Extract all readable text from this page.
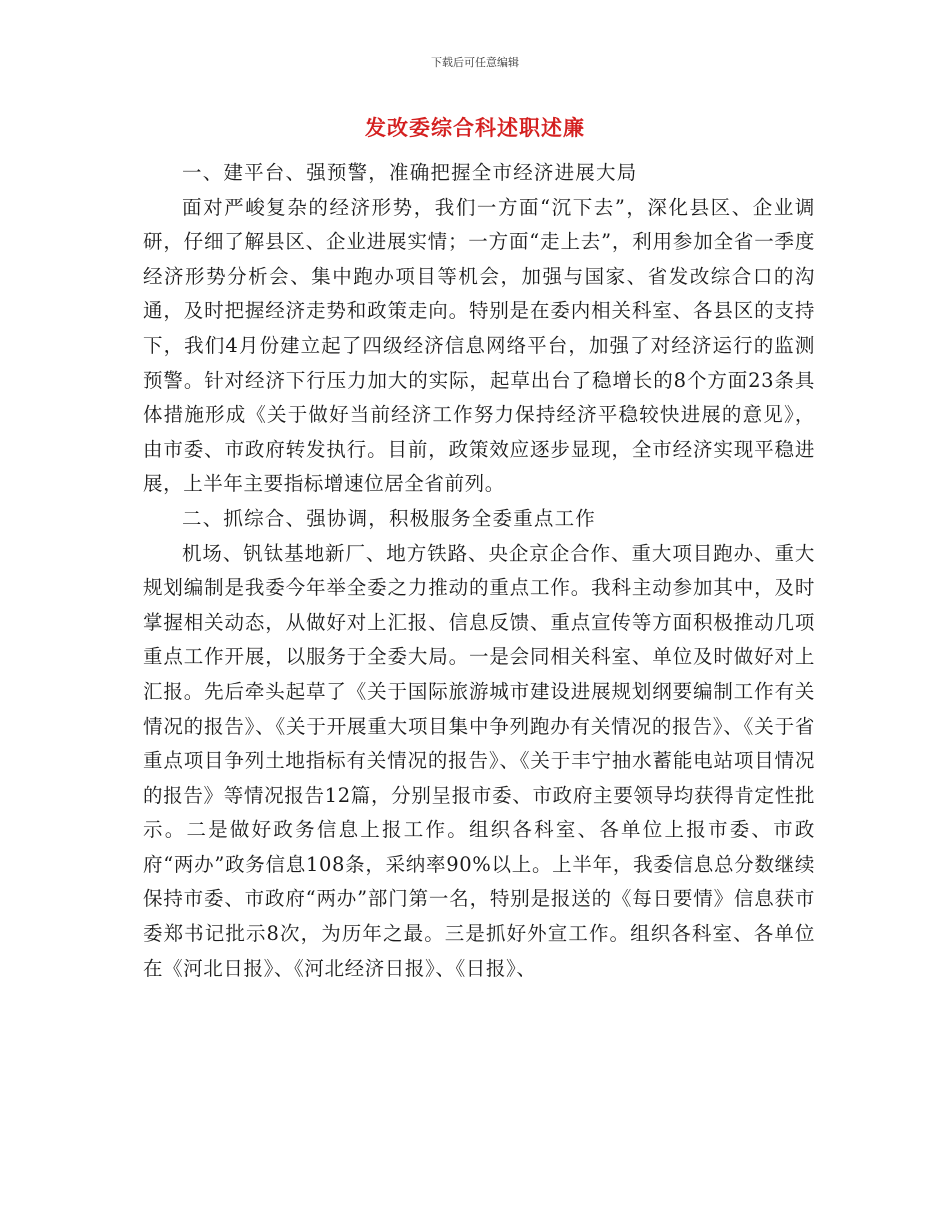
下载后可任意编辑
发改委综合科述职述廉

一、建平台、强预警，准确把握全市经济进展大局

面对严峻复杂的经济形势，我们一方面“沉下去”，深化县区、企业调研，仔细了解县区、企业进展实情；一方面“走上去”，利用参加全省一季度经济形势分析会、集中跑办项目等机会，加强与国家、省发改综合口的沟通，及时把握经济走势和政策走向。特别是在委内相关科室、各县区的支持下，我们4月份建立起了四级经济信息网络平台，加强了对经济运行的监测预警。针对经济下行压力加大的实际，起草出台了稳增长的8个方面23条具体措施形成《关于做好当前经济工作努力保持经济平稳较快进展的意见》，由市委、市政府转发执行。目前，政策效应逐步显现，全市经济实现平稳进展，上半年主要指标增速位居全省前列。

二、抓综合、强协调，积极服务全委重点工作

机场、钒钛基地新厂、地方铁路、央企京企合作、重大项目跑办、重大规划编制是我委今年举全委之力推动的重点工作。我科主动参加其中，及时掌握相关动态，从做好对上汇报、信息反馈、重点宣传等方面积极推动几项重点工作开展，以服务于全委大局。一是会同相关科室、单位及时做好对上汇报。先后牵头起草了《关于国际旅游城市建设进展规划纲要编制工作有关情况的报告》、《关于开展重大项目集中争列跑办有关情况的报告》、《关于省重点项目争列土地指标有关情况的报告》、《关于丰宁抽水蓄能电站项目情况的报告》等情况报告12篇，分别呈报市委、市政府主要领导均获得肯定性批示。二是做好政务信息上报工作。组织各科室、各单位上报市委、市政府“两办”政务信息108条，采纳率90%以上。上半年，我委信息总分数继续保持市委、市政府“两办”部门第一名，特别是报送的《每日要情》信息获市委郑书记批示8次，为历年之最。三是抓好外宣工作。组织各科室、各单位在《河北日报》、《河北经济日报》、《日报》、
